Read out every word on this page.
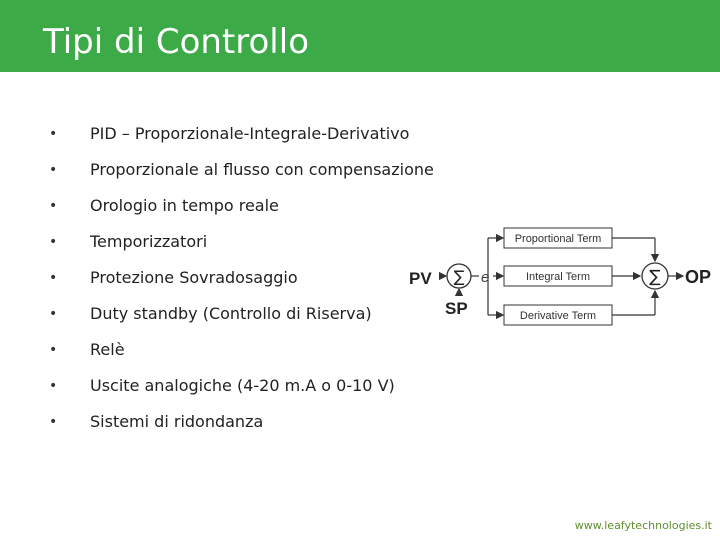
Tipi di Controllo
• PID – Proporzionale-Integrale-Derivativo
• Proporzionale al flusso con compensazione
• Orologio in tempo reale
• Temporizzatori
• Protezione Sovradosaggio
• Duty standby (Controllo di Riserva)
• Relè
• Uscite analogiche (4-20 m.A o 0-10 V)
• Sistemi di ridondanza
PV
SP
e
∑
Proportional Term
Integral Term
Derivative Term
∑ OP
www.leafytechnologies.it
